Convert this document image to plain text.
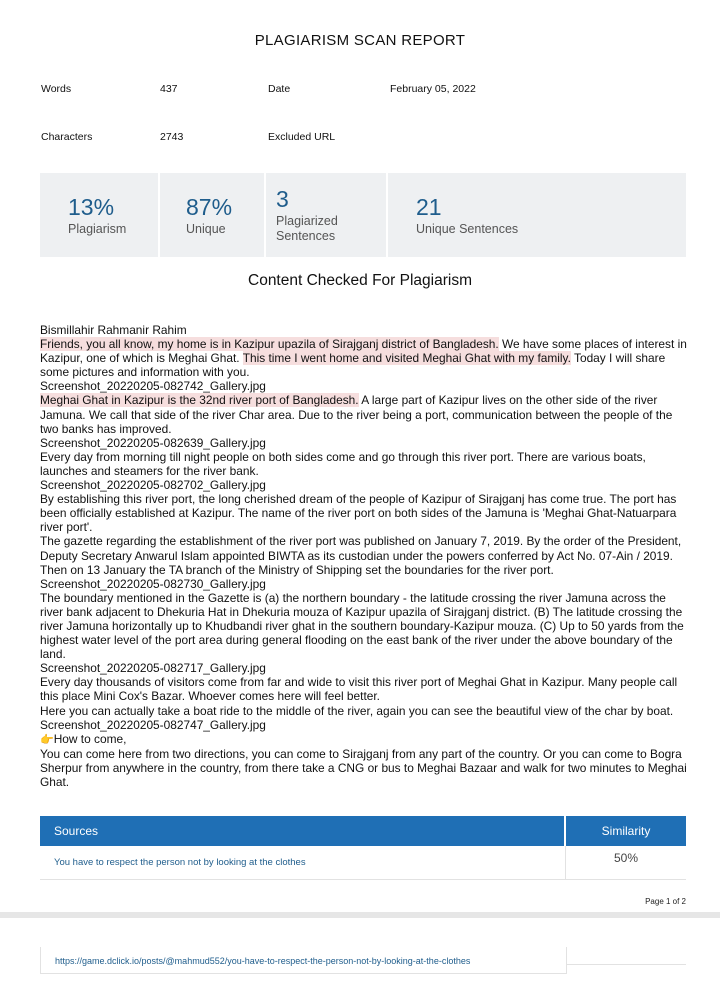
PLAGIARISM SCAN REPORT
Words	437	Date	February 05, 2022
Characters	2743	Excluded URL
13%
Plagiarism
87%
Unique
3
Plagiarized
Sentences
21
Unique Sentences
Content Checked For Plagiarism

Bismillahir Rahmanir Rahim

Friends, you all know, my home is in Kazipur upazila of Sirajganj district of Bangladesh. We have some places of interest in Kazipur, one of which is Meghai Ghat. This time I went home and visited Meghai Ghat with my family. Today I will share some pictures and information with you.

Screenshot_20220205-082742_Gallery.jpg

Meghai Ghat in Kazipur is the 32nd river port of Bangladesh. A large part of Kazipur lives on the other side of the river Jamuna. We call that side of the river Char area. Due to the river being a port, communication between the people of the two banks has improved.

Screenshot_20220205-082639_Gallery.jpg

Every day from morning till night people on both sides come and go through this river port. There are various boats, launches and steamers for the river bank.

Screenshot_20220205-082702_Gallery.jpg

By establishing this river port, the long cherished dream of the people of Kazipur of Sirajganj has come true. The port has been officially established at Kazipur. The name of the river port on both sides of the Jamuna is 'Meghai Ghat-Natuarpara river port'.

The gazette regarding the establishment of the river port was published on January 7, 2019. By the order of the President, Deputy Secretary Anwarul Islam appointed BIWTA as its custodian under the powers conferred by Act No. 07-Ain / 2019. Then on 13 January the TA branch of the Ministry of Shipping set the boundaries for the river port.

Screenshot_20220205-082730_Gallery.jpg

The boundary mentioned in the Gazette is (a) the northern boundary - the latitude crossing the river Jamuna across the river bank adjacent to Dhekuria Hat in Dhekuria mouza of Kazipur upazila of Sirajganj district. (B) The latitude crossing the river Jamuna horizontally up to Khudbandi river ghat in the southern boundary-Kazipur mouza. (C) Up to 50 yards from the highest water level of the port area during general flooding on the east bank of the river under the above boundary of the land.

Screenshot_20220205-082717_Gallery.jpg

Every day thousands of visitors come from far and wide to visit this river port of Meghai Ghat in Kazipur. Many people call this place Mini Cox's Bazar. Whoever comes here will feel better.

Here you can actually take a boat ride to the middle of the river, again you can see the beautiful view of the char by boat.

Screenshot_20220205-082747_Gallery.jpg

👉How to come,

You can come here from two directions, you can come to Sirajganj from any part of the country. Or you can come to Bogra Sherpur from anywhere in the country, from there take a CNG or bus to Meghai Bazaar and walk for two minutes to Meghai Ghat.

Sources	Similarity
You have to respect the person not by looking at the clothes	50%
Page 1 of 2
https://game.dclick.io/posts/@mahmud552/you-have-to-respect-the-person-not-by-looking-at-the-clothes
